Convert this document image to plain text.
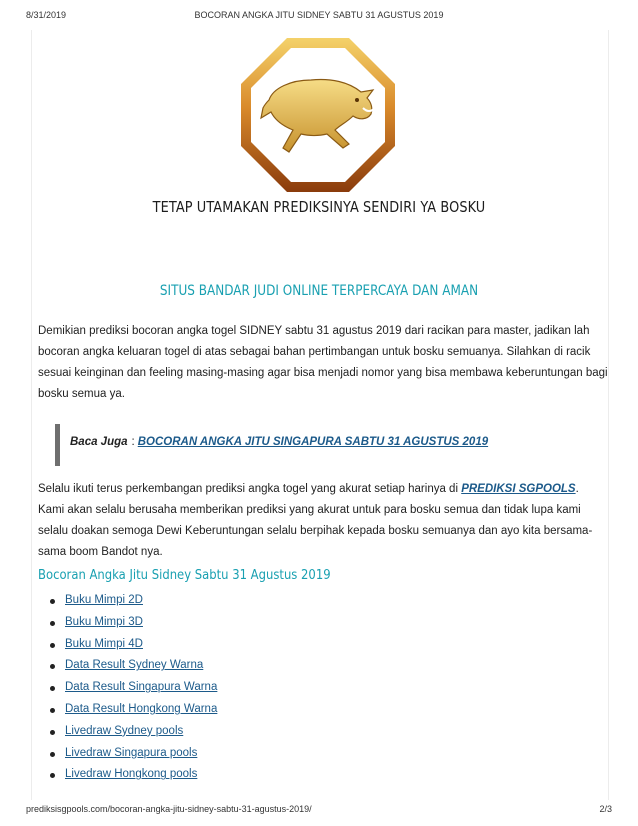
8/31/2019	BOCORAN ANGKA JITU SIDNEY SABTU 31 AGUSTUS 2019
TETAP UTAMAKAN PREDIKSINYA SENDIRI YA BOSKU
SITUS BANDAR JUDI ONLINE TERPERCAYA DAN AMAN

Demikian prediksi bocoran angka togel SIDNEY sabtu 31 agustus 2019 dari racikan para master, jadikan lah bocoran angka keluaran togel di atas sebagai bahan pertimbangan untuk bosku semuanya. Silahkan di racik sesuai keinginan dan feeling masing-masing agar bisa menjadi nomor yang bisa membawa keberuntungan bagi bosku semua ya.

Baca Juga : BOCORAN ANGKA JITU SINGAPURA SABTU 31 AGUSTUS 2019

Selalu ikuti terus perkembangan prediksi angka togel yang akurat setiap harinya di PREDIKSI SGPOOLS. Kami akan selalu berusaha memberikan prediksi yang akurat untuk para bosku semua dan tidak lupa kami selalu doakan semoga Dewi Keberuntungan selalu berpihak kepada bosku semuanya dan ayo kita bersama-sama boom Bandot nya.

Bocoran Angka Jitu Sidney Sabtu 31 Agustus 2019
Buku Mimpi 2D
Buku Mimpi 3D
Buku Mimpi 4D
Data Result Sydney Warna
Data Result Singapura Warna
Data Result Hongkong Warna
Livedraw Sydney pools
Livedraw Singapura pools
Livedraw Hongkong pools
prediksisgpools.com/bocoran-angka-jitu-sidney-sabtu-31-agustus-2019/	2/3
